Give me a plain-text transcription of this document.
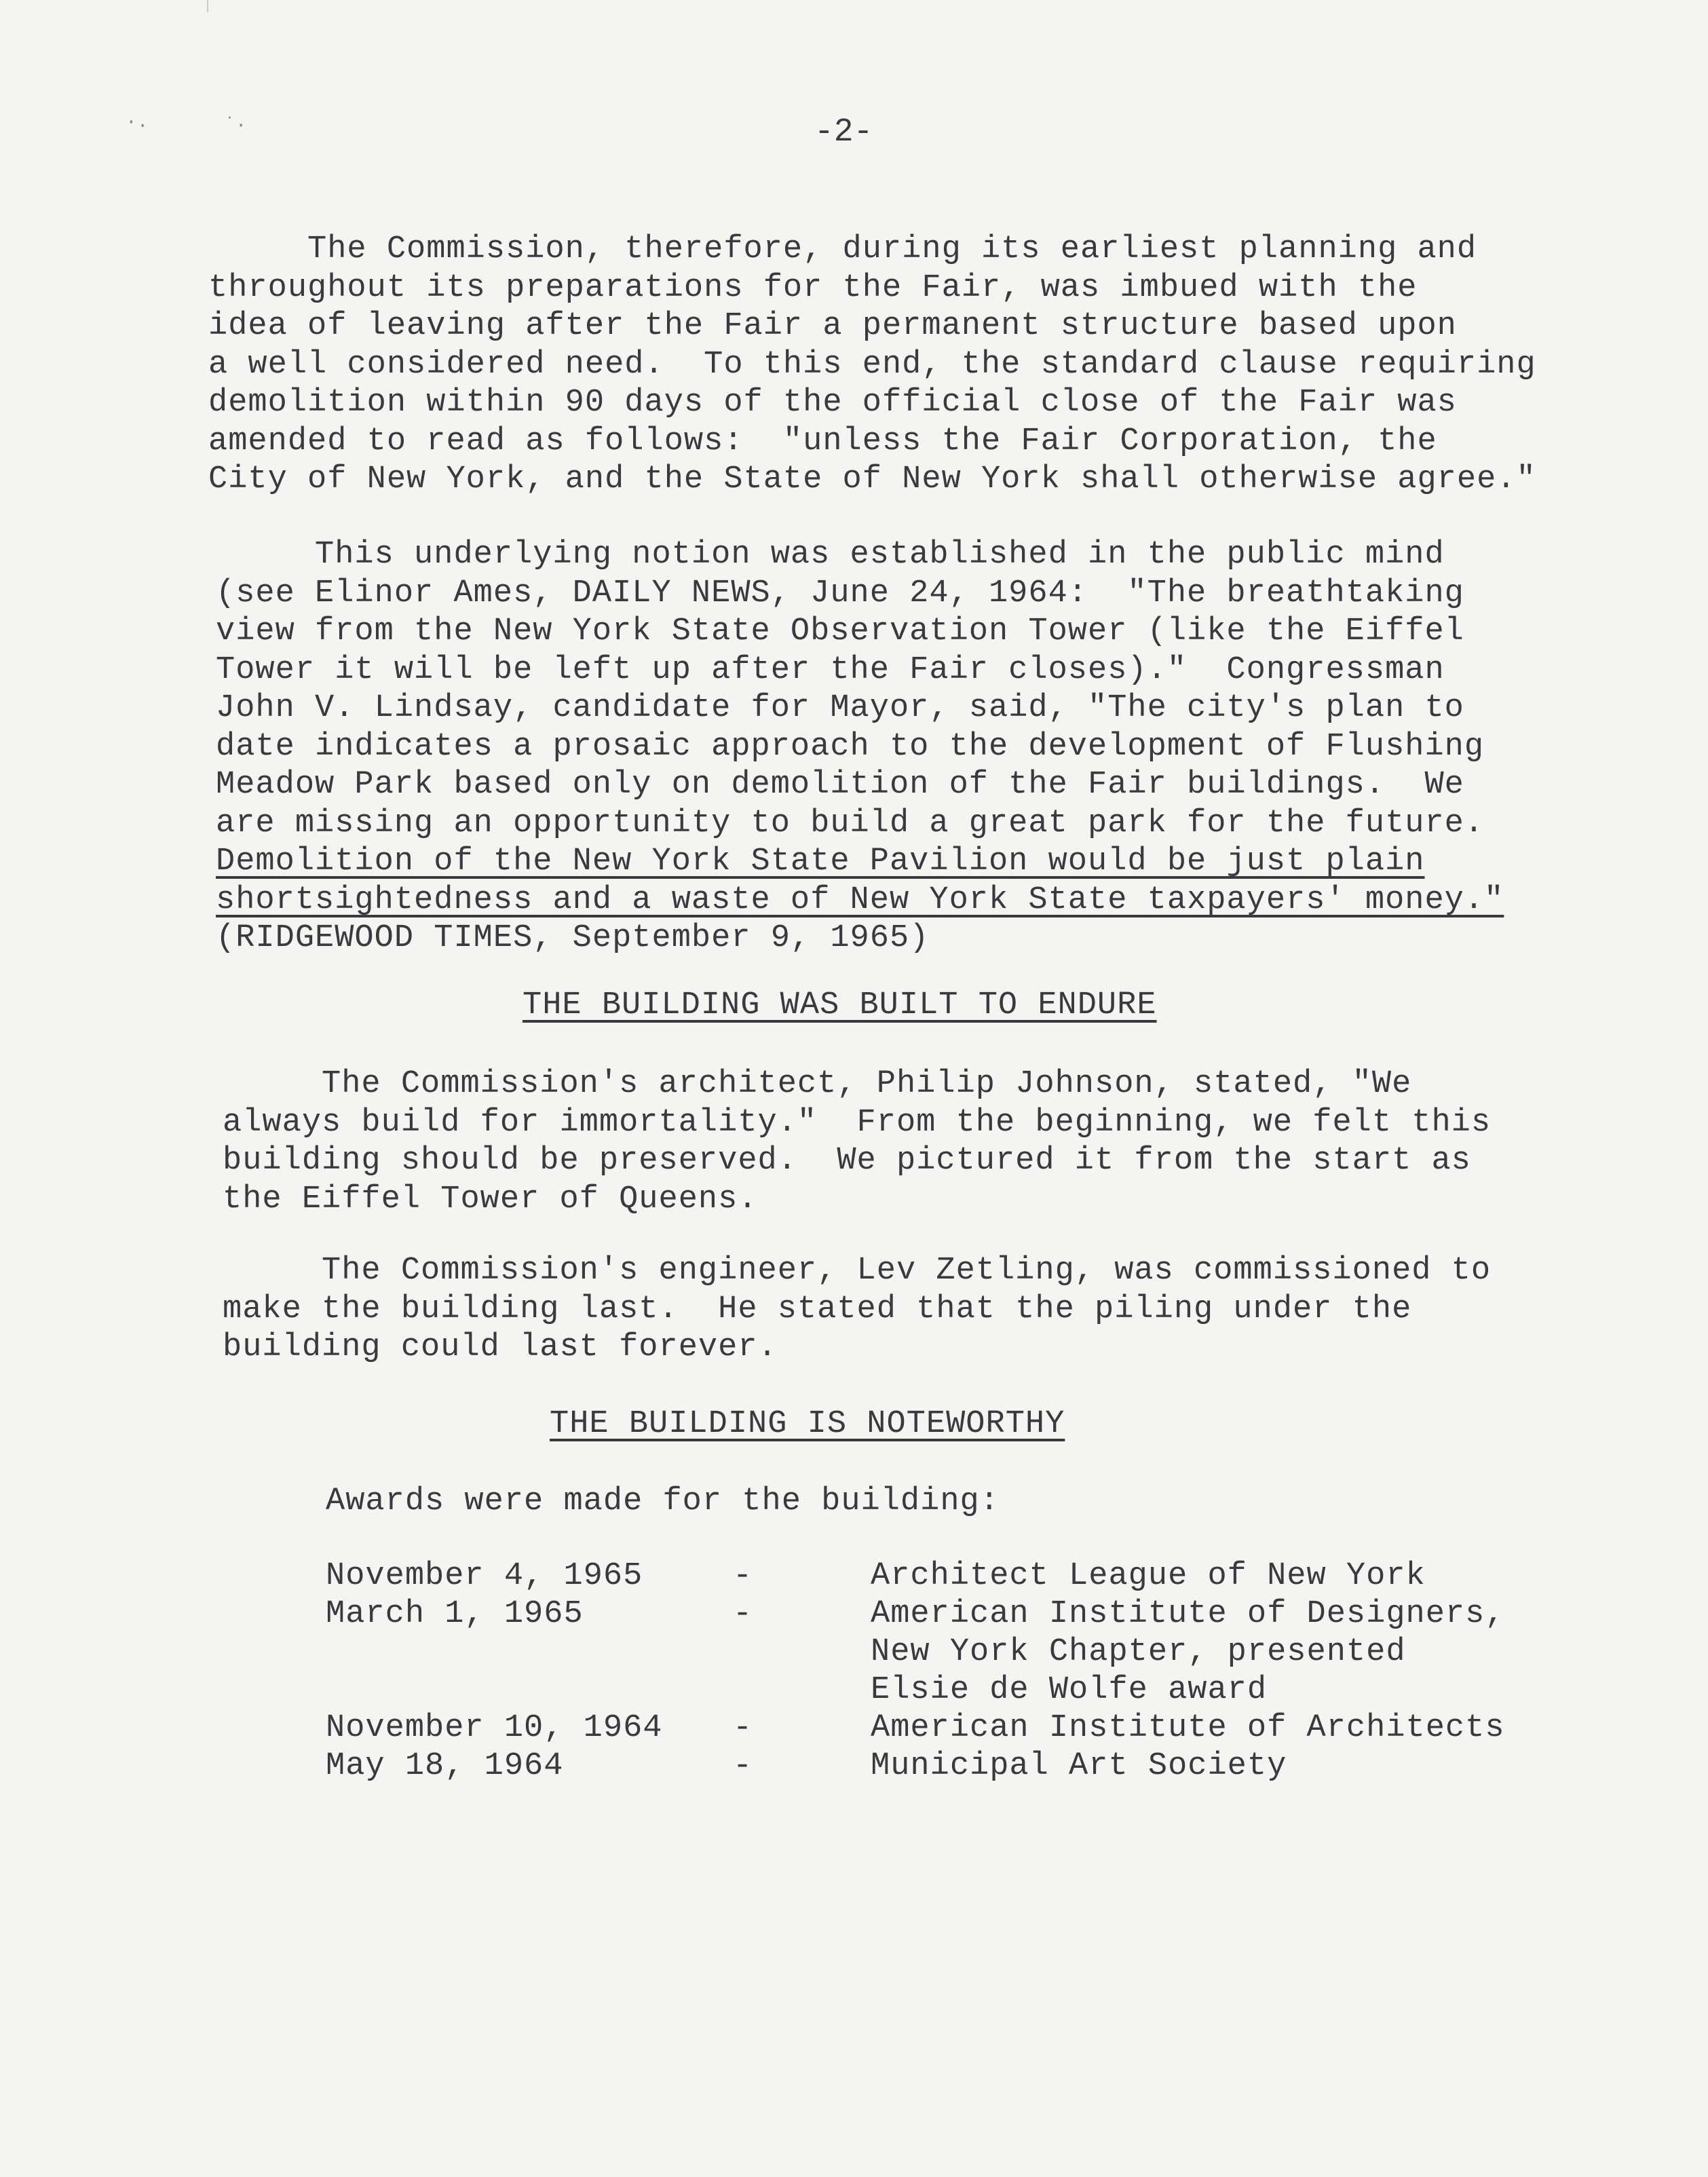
·.	˙·	-2-

The Commission, therefore, during its earliest planning and
throughout its preparations for the Fair, was imbued with the
idea of leaving after the Fair a permanent structure based upon
a well considered need.  To this end, the standard clause requiring
demolition within 90 days of the official close of the Fair was
amended to read as follows:  "unless the Fair Corporation, the
City of New York, and the State of New York shall otherwise agree."

This underlying notion was established in the public mind
(see Elinor Ames, DAILY NEWS, June 24, 1964:  "The breathtaking
view from the New York State Observation Tower (like the Eiffel
Tower it will be left up after the Fair closes)."  Congressman
John V. Lindsay, candidate for Mayor, said, "The city's plan to
date indicates a prosaic approach to the development of Flushing
Meadow Park based only on demolition of the Fair buildings.  We
are missing an opportunity to build a great park for the future.

Demolition of the New York State Pavilion would be just plain
shortsightedness and a waste of New York State taxpayers' money."
(RIDGEWOOD TIMES, September 9, 1965)

THE BUILDING WAS BUILT TO ENDURE

The Commission's architect, Philip Johnson, stated, "We
always build for immortality."  From the beginning, we felt this
building should be preserved.  We pictured it from the start as
the Eiffel Tower of Queens.

The Commission's engineer, Lev Zetling, was commissioned to
make the building last.  He stated that the piling under the
building could last forever.

THE BUILDING IS NOTEWORTHY

Awards were made for the building:

November 4, 1965	-	Architect League of New York
March 1, 1965	-	American Institute of Designers,
New York Chapter, presented
Elsie de Wolfe award
November 10, 1964	-	American Institute of Architects
May 18, 1964	-	Municipal Art Society
